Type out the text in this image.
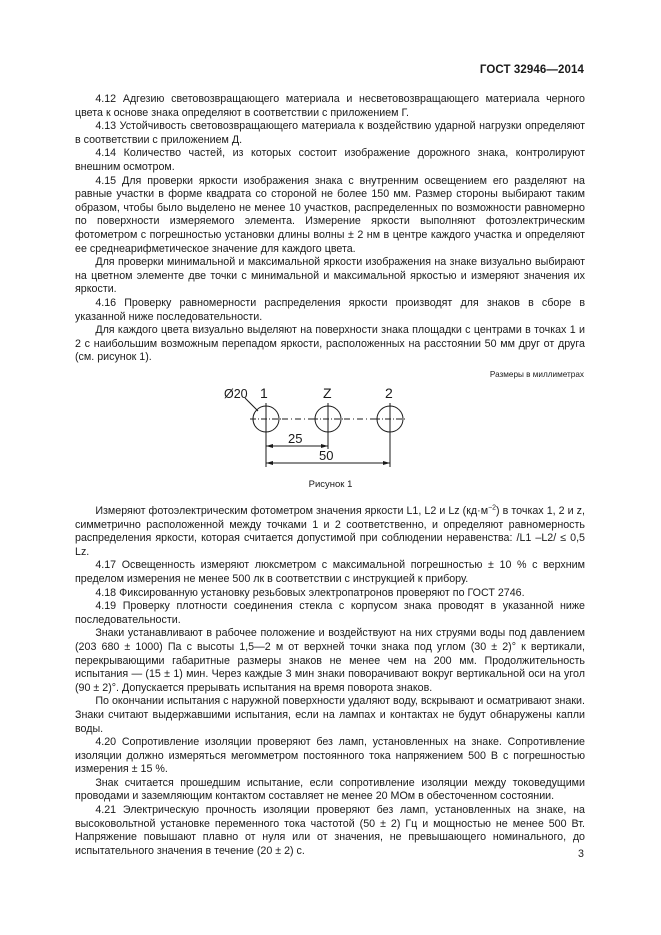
ГОСТ 32946—2014

4.12 Адгезию световозвращающего материала и несветовозвращающего материала черного цвета к основе знака определяют в соответствии с приложением Г.

4.13 Устойчивость световозвращающего материала к воздействию ударной нагрузки определяют в соответствии с приложением Д.

4.14 Количество частей, из которых состоит изображение дорожного знака, контролируют внешним осмотром.

4.15 Для проверки яркости изображения знака с внутренним освещением его разделяют на равные участки в форме квадрата со стороной не более 150 мм. Размер стороны выбирают таким образом, чтобы было выделено не менее 10 участков, распределенных по возможности равномерно по поверхности измеряемого элемента. Измерение яркости выполняют фотоэлектрическим фотометром с погрешностью установки длины волны ± 2 нм в центре каждого участка и определяют ее среднеарифметическое значение для каждого цвета.

Для проверки минимальной и максимальной яркости изображения на знаке визуально выбирают на цветном элементе две точки с минимальной и максимальной яркостью и измеряют значения их яркости.

4.16 Проверку равномерности распределения яркости производят для знаков в сборе в указанной ниже последовательности.

Для каждого цвета визуально выделяют на поверхности знака площадки с центрами в точках 1 и 2 с наибольшим возможным перепадом яркости, расположенных на расстоянии 50 мм друг от друга (см. рисунок 1).

Размеры в миллиметрах
Ø20 1	Z	2
25
50
Рисунок 1

Измеряют фотоэлектрическим фотометром значения яркости L1, L2 и Lz $(кд\cdot м^{-2})$ в точках 1, 2 и z, симметрично расположенной между точками 1 и 2 соответственно, и определяют равномерность распределения яркости, которая считается допустимой при соблюдении неравенства: /L1 –L2/ ≤ 0,5 Lz.

4.17 Освещенность измеряют люксметром с максимальной погрешностью ± 10 % с верхним пределом измерения не менее 500 лк в соответствии с инструкцией к прибору.

4.18 Фиксированную установку резьбовых электропатронов проверяют по ГОСТ 2746.

4.19 Проверку плотности соединения стекла с корпусом знака проводят в указанной ниже последовательности.

Знаки устанавливают в рабочее положение и воздействуют на них струями воды под давлением (203 680 ± 1000) Па с высоты 1,5—2 м от верхней точки знака под углом (30 ± 2)° к вертикали, перекрывающими габаритные размеры знаков не менее чем на 200 мм. Продолжительность испытания — (15 ± 1) мин. Через каждые 3 мин знаки поворачивают вокруг вертикальной оси на угол (90 ± 2)°. Допускается прерывать испытания на время поворота знаков.

По окончании испытания с наружной поверхности удаляют воду, вскрывают и осматривают знаки. Знаки считают выдержавшими испытания, если на лампах и контактах не будут обнаружены капли воды.

4.20 Сопротивление изоляции проверяют без ламп, установленных на знаке. Сопротивление изоляции должно измеряться мегомметром постоянного тока напряжением 500 В с погрешностью измерения ± 15 %.

Знак считается прошедшим испытание, если сопротивление изоляции между токоведущими проводами и заземляющим контактом составляет не менее 20 МОм в обесточенном состоянии.

4.21 Электрическую прочность изоляции проверяют без ламп, установленных на знаке, на высоковольтной установке переменного тока частотой (50 ± 2) Гц и мощностью не менее 500 Вт. Напряжение повышают плавно от нуля или от значения, не превышающего номинального, до испытательного значения в течение (20 ± 2) с.	3
